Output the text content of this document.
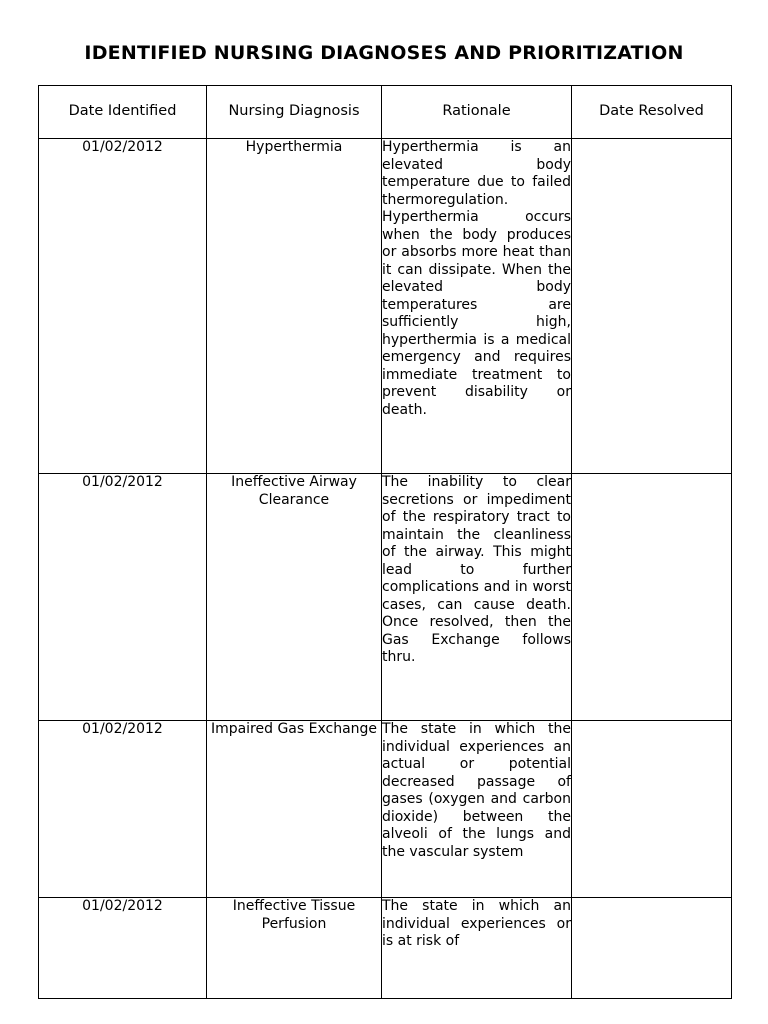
IDENTIFIED NURSING DIAGNOSES AND PRIORITIZATION
Date Identified	Nursing Diagnosis	Rationale	Date Resolved
01/02/2012	Hyperthermia	Hyperthermia is an elevated body temperature due to failed thermoregulation. Hyperthermia occurs when the body produces or absorbs more heat than it can dissipate. When the elevated body temperatures are sufficiently high, hyperthermia is a medical emergency and requires immediate treatment to prevent disability or death.	
01/02/2012	Ineffective Airway Clearance	The inability to clear secretions or impediment of the respiratory tract to maintain the cleanliness of the airway. This might lead to further complications and in worst cases, can cause death. Once resolved, then the Gas Exchange follows thru.	
01/02/2012	Impaired Gas Exchange	The state in which the individual experiences an actual or potential decreased passage of gases (oxygen and carbon dioxide) between the alveoli of the lungs and the vascular system	
01/02/2012	Ineffective Tissue Perfusion	The state in which an individual experiences or is at risk of	
